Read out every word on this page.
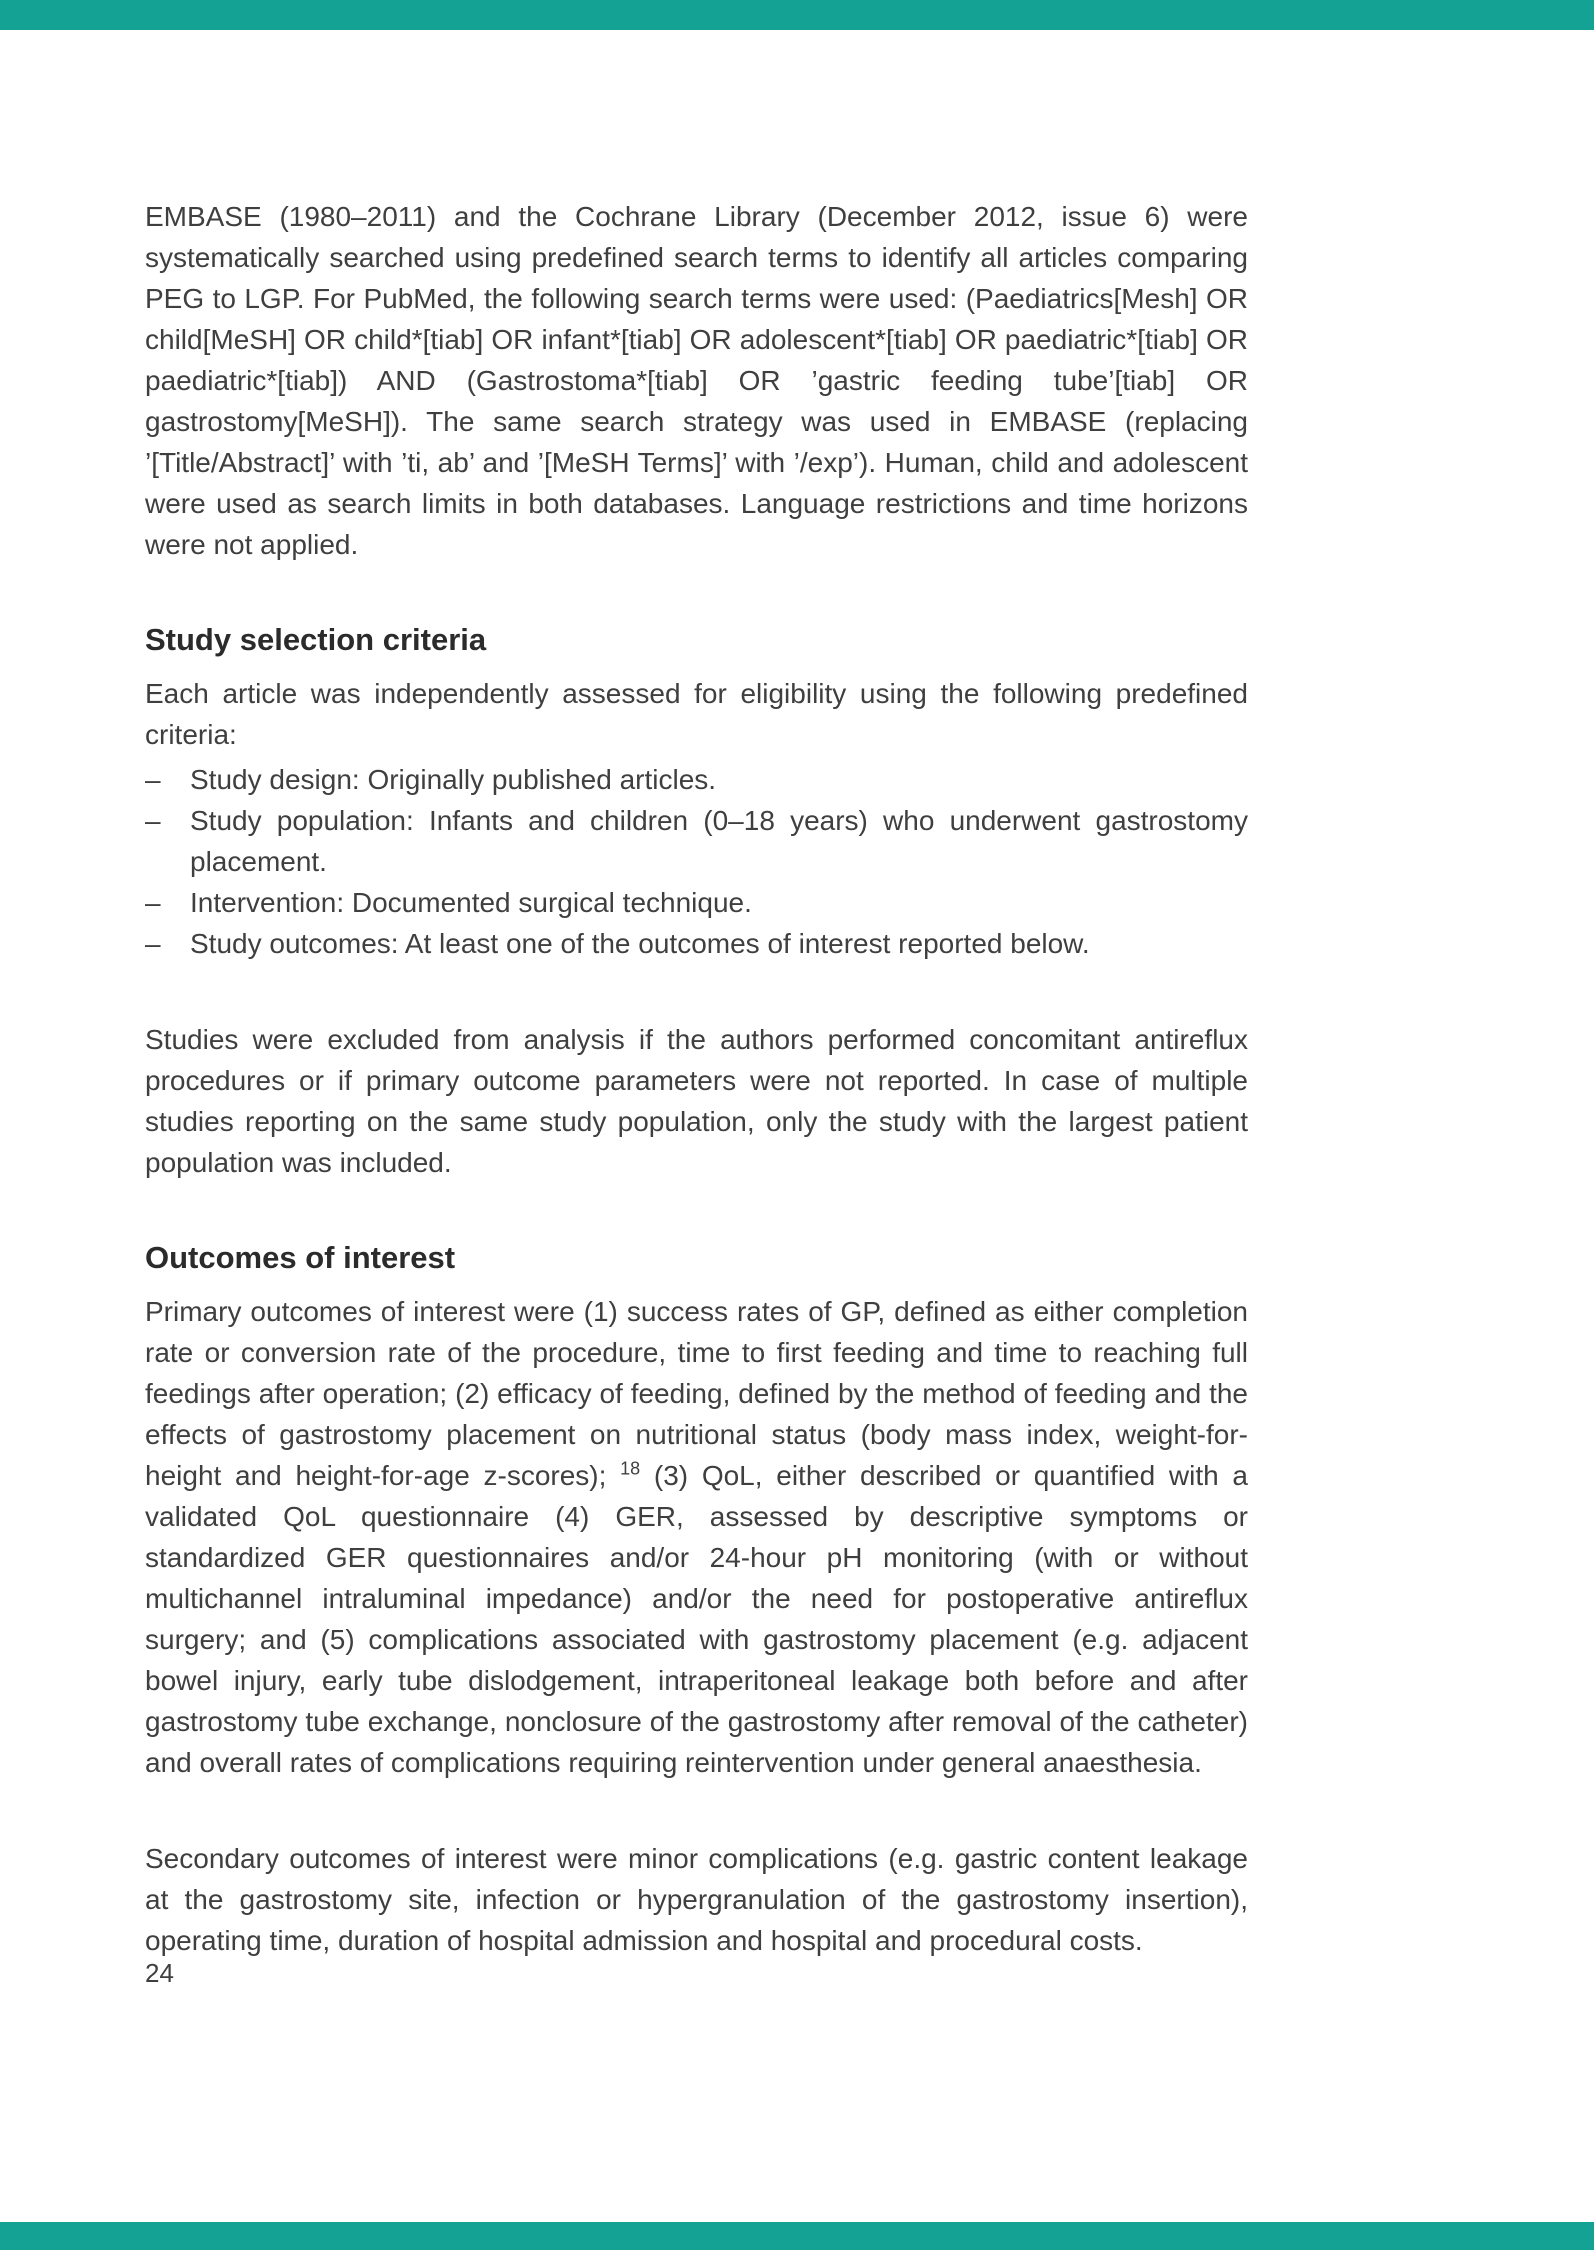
EMBASE (1980–2011) and the Cochrane Library (December 2012, issue 6) were systematically searched using predefined search terms to identify all articles comparing PEG to LGP. For PubMed, the following search terms were used: (Paediatrics[Mesh] OR child[MeSH] OR child*[tiab] OR infant*[tiab] OR adolescent*[tiab] OR paediatric*[tiab] OR paediatric*[tiab]) AND (Gastrostoma*[tiab] OR ’gastric feeding tube’[tiab] OR gastrostomy[MeSH]). The same search strategy was used in EMBASE (replacing ’[Title/Abstract]’ with ’ti, ab’ and ’[MeSH Terms]’ with ’/exp’). Human, child and adolescent were used as search limits in both databases. Language restrictions and time horizons were not applied.

Study selection criteria

Each article was independently assessed for eligibility using the following predefined criteria:

–	Study design: Originally published articles.
–	Study population: Infants and children (0–18 years) who underwent gastrostomy placement.
–	Intervention: Documented surgical technique.
–	Study outcomes: At least one of the outcomes of interest reported below.

Studies were excluded from analysis if the authors performed concomitant antireflux procedures or if primary outcome parameters were not reported. In case of multiple studies reporting on the same study population, only the study with the largest patient population was included.

Outcomes of interest

Primary outcomes of interest were (1) success rates of GP, defined as either completion rate or conversion rate of the procedure, time to first feeding and time to reaching full feedings after operation; (2) efficacy of feeding, defined by the method of feeding and the effects of gastrostomy placement on nutritional status (body mass index, weight-for-height and height-for-age z-scores); $^{18}$ (3) QoL, either described or quantified with a validated QoL questionnaire (4) GER, assessed by descriptive symptoms or standardized GER questionnaires and/or 24-hour pH monitoring (with or without multichannel intraluminal impedance) and/or the need for postoperative antireflux surgery; and (5) complications associated with gastrostomy placement (e.g. adjacent bowel injury, early tube dislodgement, intraperitoneal leakage both before and after gastrostomy tube exchange, nonclosure of the gastrostomy after removal of the catheter) and overall rates of complications requiring reintervention under general anaesthesia.

Secondary outcomes of interest were minor complications (e.g. gastric content leakage at the gastrostomy site, infection or hypergranulation of the gastrostomy insertion), operating time, duration of hospital admission and hospital and procedural costs.

24
